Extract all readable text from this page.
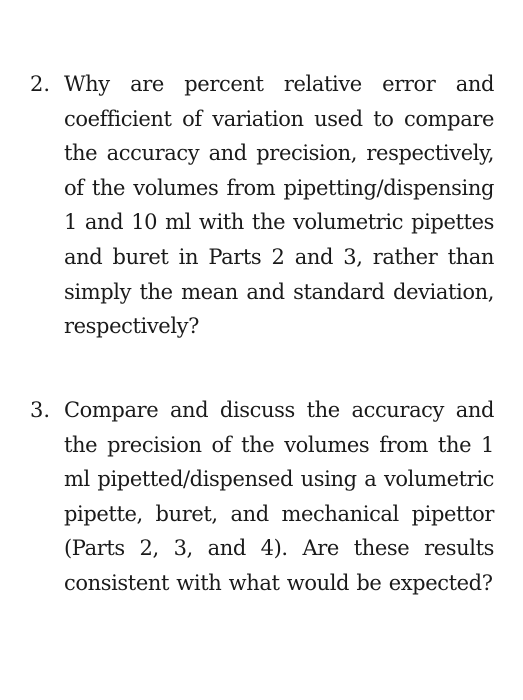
2. Why are percent relative error and coefficient of variation used to compare the accuracy and precision, respectively, of the volumes from pipetting/dispensing 1 and 10 ml with the volumetric pipettes and buret in Parts 2 and 3, rather than simply the mean and standard deviation, respectively?
3. Compare and discuss the accuracy and the precision of the volumes from the 1 ml pipetted/dispensed using a volumetric pipette, buret, and mechanical pipettor (Parts 2, 3, and 4). Are these results consistent with what would be expected?
